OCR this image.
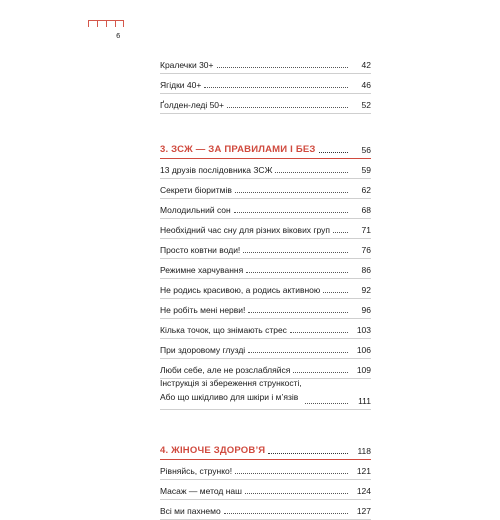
6
Кралечки 30+	42
Ягідки 40+	46
Ґолден-леді 50+	52
3. ЗСЖ — ЗА ПРАВИЛАМИ І БЕЗ	56
13 друзів послідовника ЗСЖ	59
Секрети біоритмів	62
Молодильний сон	68
Необхідний час сну для різних вікових груп	71
Просто ковтни води!	76
Режимне харчування	86
Не родись красивою, а родись активною	92
Не робіть мені нерви!	96
Кілька точок, що знімають стрес	103
При здоровому глузді	106
Люби себе, але не розслабляйся	109
Інструкція зі збереження стрункості,
Або що шкідливо для шкіри і м’язів	111
4. ЖІНОЧЕ ЗДОРОВ’Я	118
Рівняйсь, струнко!	121
Масаж — метод наш	124
Всі ми пахнемо	127
